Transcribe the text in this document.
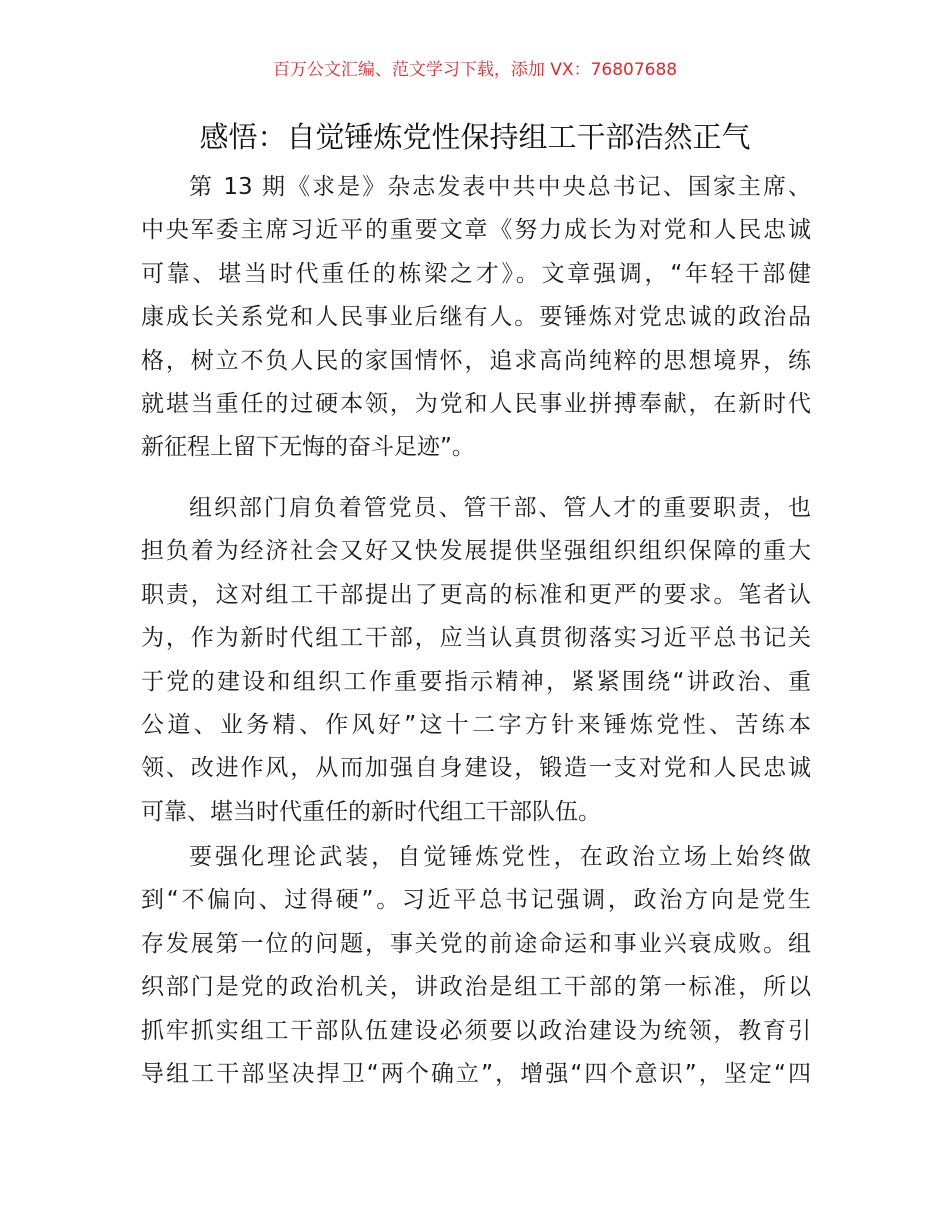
百万公文汇编、范文学习下载，添加 VX：76807688
感悟：自觉锤炼党性保持组工干部浩然正气
第 13 期《求是》杂志发表中共中央总书记、国家主席、
中央军委主席习近平的重要文章《努力成长为对党和人民忠诚
可靠、堪当时代重任的栋梁之才》。文章强调，“年轻干部健
康成长关系党和人民事业后继有人。要锤炼对党忠诚的政治品
格，树立不负人民的家国情怀，追求高尚纯粹的思想境界，练
就堪当重任的过硬本领，为党和人民事业拼搏奉献，在新时代
新征程上留下无悔的奋斗足迹”。
组织部门肩负着管党员、管干部、管人才的重要职责，也
担负着为经济社会又好又快发展提供坚强组织组织保障的重大
职责，这对组工干部提出了更高的标准和更严的要求。笔者认
为，作为新时代组工干部，应当认真贯彻落实习近平总书记关
于党的建设和组织工作重要指示精神，紧紧围绕“讲政治、重
公道、业务精、作风好”这十二字方针来锤炼党性、苦练本
领、改进作风，从而加强自身建设，锻造一支对党和人民忠诚
可靠、堪当时代重任的新时代组工干部队伍。
要强化理论武装，自觉锤炼党性，在政治立场上始终做
到“不偏向、过得硬”。习近平总书记强调，政治方向是党生
存发展第一位的问题，事关党的前途命运和事业兴衰成败。组
织部门是党的政治机关，讲政治是组工干部的第一标准，所以
抓牢抓实组工干部队伍建设必须要以政治建设为统领，教育引
导组工干部坚决捍卫“两个确立”，增强“四个意识”，坚定“四
